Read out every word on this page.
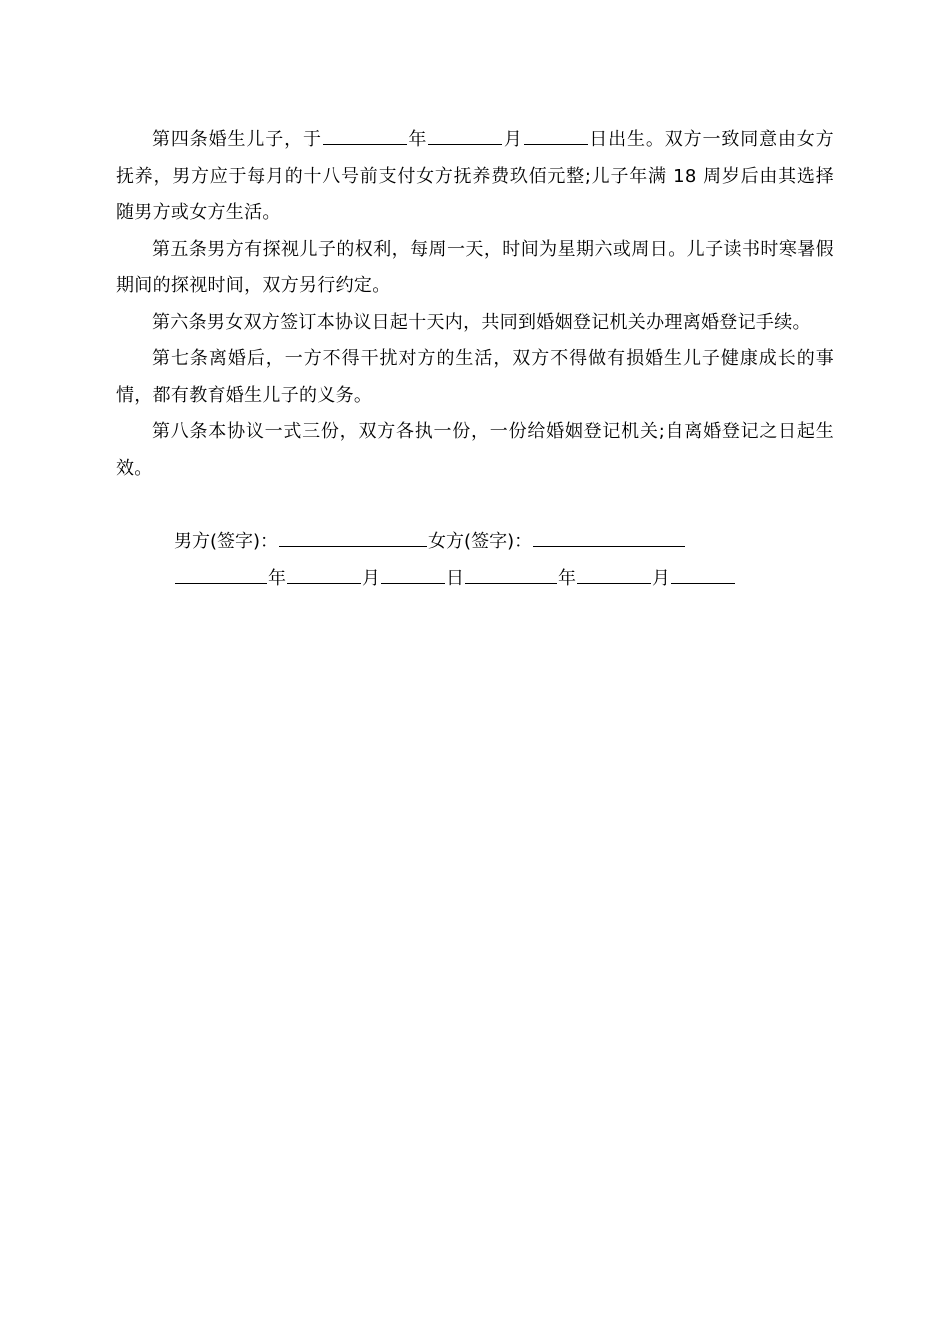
第四条婚生儿子，于	年	月	日出生。双方一致同意由女方抚养，男方应于每月的十八号前支付女方抚养费玖佰元整;儿子年满 18 周岁后由其选择随男方或女方生活。

第五条男方有探视儿子的权利，每周一天，时间为星期六或周日。儿子读书时寒暑假期间的探视时间，双方另行约定。

第六条男女双方签订本协议日起十天内，共同到婚姻登记机关办理离婚登记手续。

第七条离婚后，一方不得干扰对方的生活，双方不得做有损婚生儿子健康成长的事情，都有教育婚生儿子的义务。

第八条本协议一式三份，双方各执一份，一份给婚姻登记机关;自离婚登记之日起生效。

男方(签字)：	女方(签字)：

年	月	日	年	月
